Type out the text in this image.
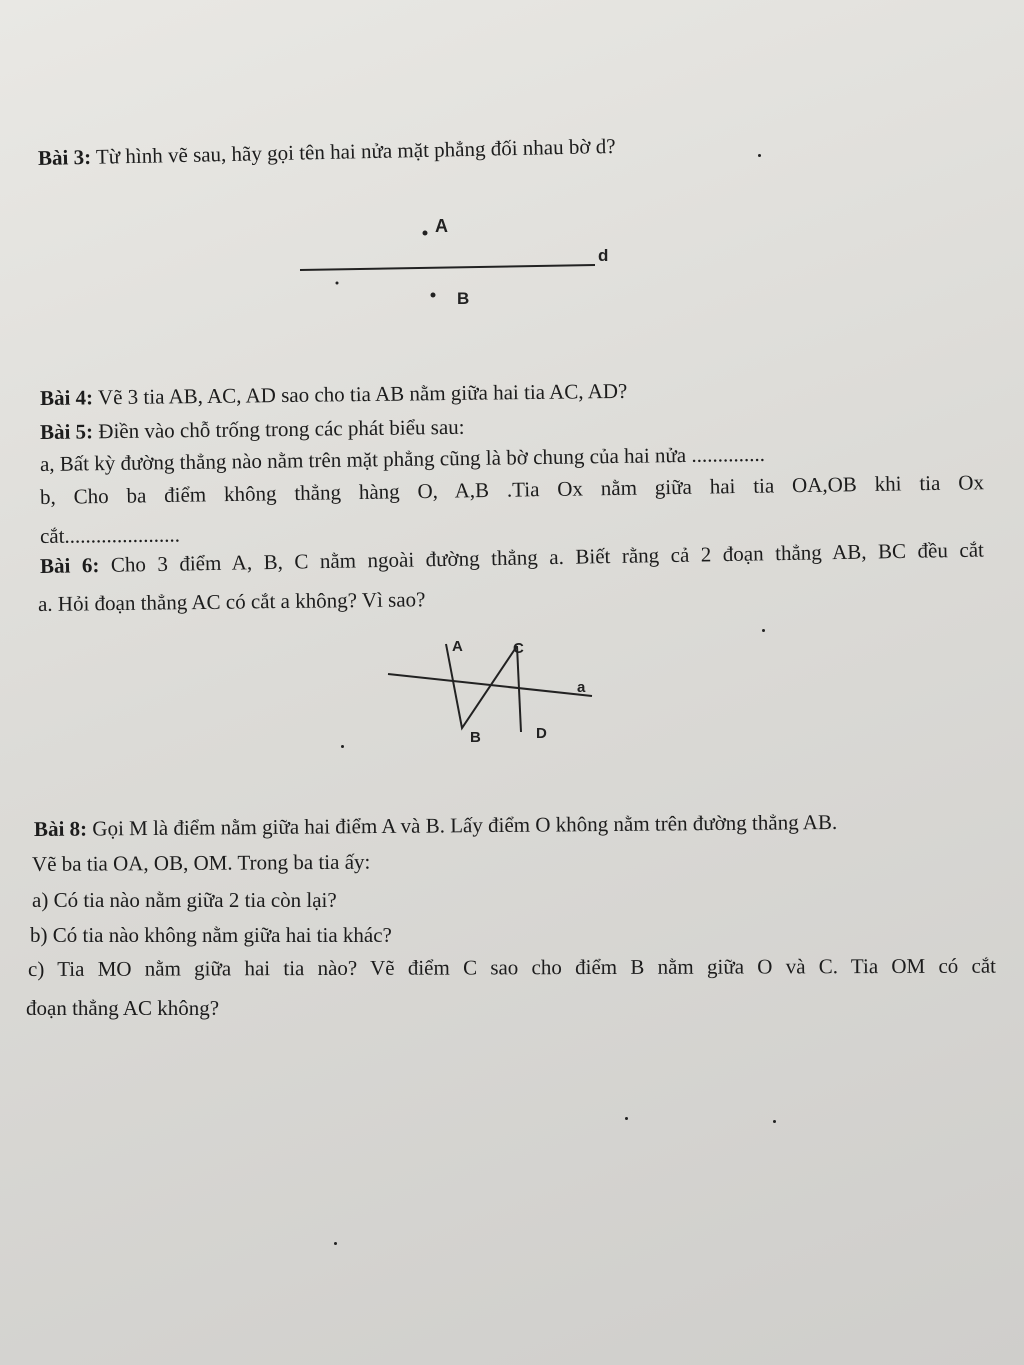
Bài 3: Từ hình vẽ sau, hãy gọi tên hai nửa mặt phẳng đối nhau bờ d?
A
d
B
Bài 4: Vẽ 3 tia AB, AC, AD sao cho tia AB nằm giữa hai tia AC, AD?
Bài 5: Điền vào chỗ trống trong các phát biểu sau:
a, Bất kỳ đường thẳng nào nằm trên mặt phẳng cũng là bờ chung của hai nửa ..............
b, Cho ba điểm không thẳng hàng O, A,B .Tia Ox nằm giữa hai tia OA,OB khi tia Ox
cắt......................
Bài 6: Cho 3 điểm A, B, C nằm ngoài đường thẳng a. Biết rằng cả 2 đoạn thẳng AB, BC đều cắt
a. Hỏi đoạn thẳng AC có cắt a không? Vì sao?
A	C
a
B	D
Bài 8: Gọi M là điểm nằm giữa hai điểm A và B. Lấy điểm O không nằm trên đường thẳng AB.
Vẽ ba tia OA, OB, OM. Trong ba tia ấy:
a) Có tia nào nằm giữa 2 tia còn lại?
b) Có tia nào không nằm giữa hai tia khác?
c) Tia MO nằm giữa hai tia nào? Vẽ điểm C sao cho điểm B nằm giữa O và C. Tia OM có cắt
đoạn thẳng AC không?
